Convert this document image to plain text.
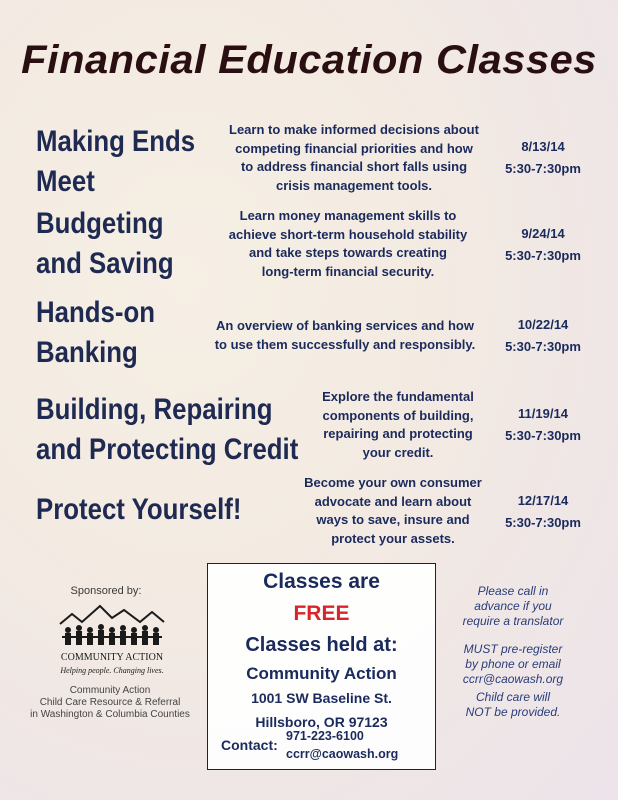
Financial Education Classes
Making Ends
Meet
Learn to make informed decisions about
competing financial priorities and how
to address financial short falls using
crisis management tools.
8/13/14
5:30-7:30pm
Budgeting
and Saving
Learn money management skills to
achieve short-term household stability
and take steps towards creating
long-term financial security.
9/24/14
5:30-7:30pm
Hands-on
Banking
An overview of banking services and how
to use them successfully and responsibly.
10/22/14
5:30-7:30pm
Building, Repairing
and Protecting Credit
Explore the fundamental
components of building,
repairing and protecting
your credit.
11/19/14
5:30-7:30pm
Protect Yourself!
Become your own consumer
advocate and learn about
ways to save, insure and
protect your assets.
12/17/14
5:30-7:30pm
Sponsored by:
COMMUNITY ACTION
Helping people. Changing lives.
Community Action
Child Care Resource & Referral
in Washington & Columbia Counties
Classes are
FREE
Classes held at:
Community Action
1001 SW Baseline St.
Hillsboro, OR 97123
Contact:
971-223-6100
ccrr@caowash.org
Please call in
advance if you
require a translator
MUST pre-register
by phone or email
ccrr@caowash.org
Child care will
NOT be provided.
